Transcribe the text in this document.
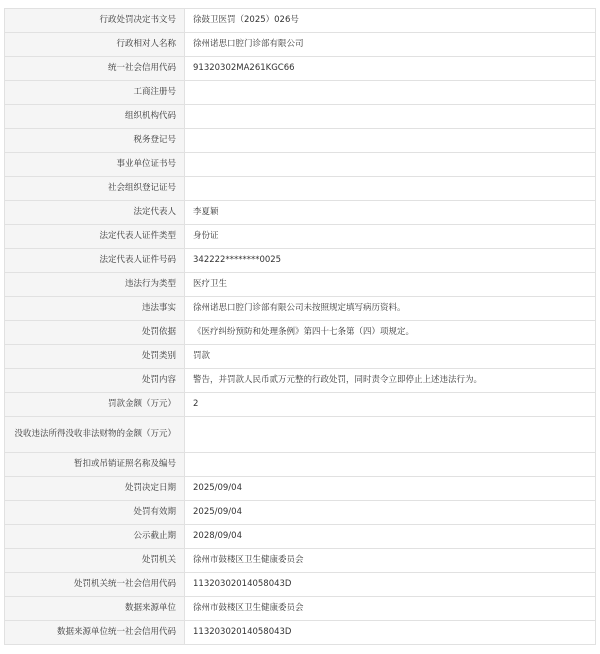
行政处罚决定书文号	徐鼓卫医罚（2025）026号
行政相对人名称	徐州诺思口腔门诊部有限公司
统一社会信用代码	91320302MA261KGC66
工商注册号	
组织机构代码	
税务登记号	
事业单位证书号	
社会组织登记证号	
法定代表人	李夏颖
法定代表人证件类型	身份证
法定代表人证件号码	342222********0025
违法行为类型	医疗卫生
违法事实	徐州诺思口腔门诊部有限公司未按照规定填写病历资料。
处罚依据	《医疗纠纷预防和处理条例》第四十七条第（四）项规定。
处罚类别	罚款
处罚内容	警告，并罚款人民币贰万元整的行政处罚，同时责令立即停止上述违法行为。
罚款金额（万元）	2
没收违法所得没收非法财物的金额（万元）	
暂扣或吊销证照名称及编号	
处罚决定日期	2025/09/04
处罚有效期	2025/09/04
公示截止期	2028/09/04
处罚机关	徐州市鼓楼区卫生健康委员会
处罚机关统一社会信用代码	11320302014058043D
数据来源单位	徐州市鼓楼区卫生健康委员会
数据来源单位统一社会信用代码	11320302014058043D
